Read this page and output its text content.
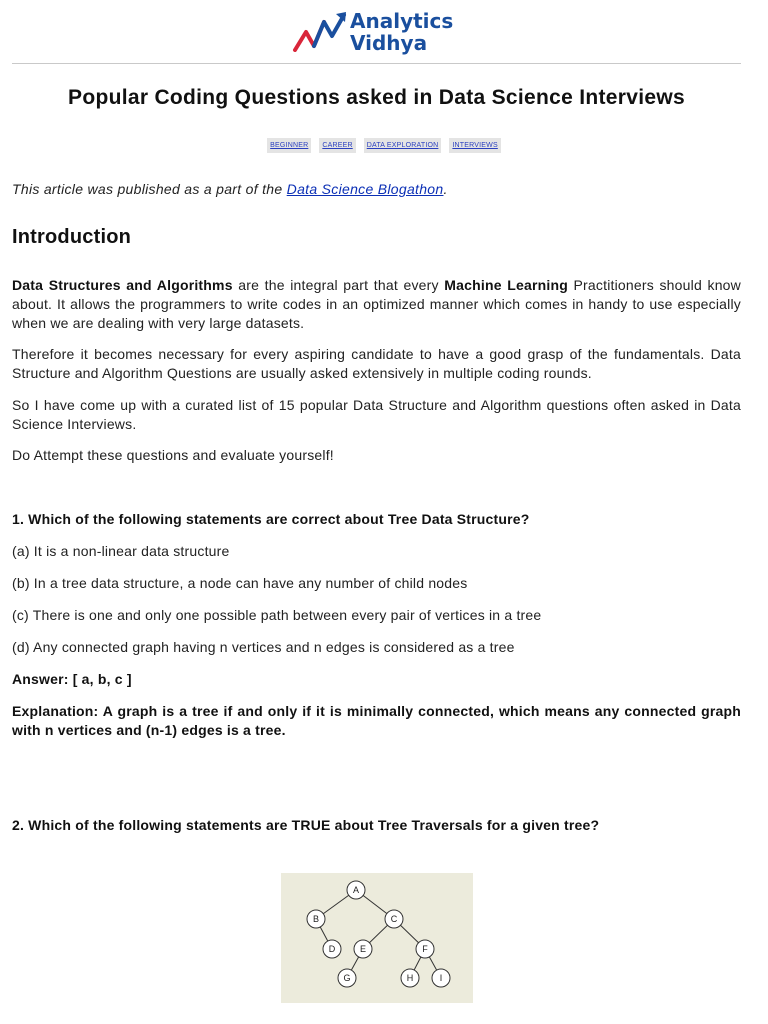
Analytics
Vidhya
Popular Coding Questions asked in Data Science Interviews
BEGINNER CAREER DATA EXPLORATION INTERVIEWS
This article was published as a part of the Data Science Blogathon.
Introduction

Data Structures and Algorithms are the integral part that every Machine Learning Practitioners should know about. It allows the programmers to write codes in an optimized manner which comes in handy to use especially when we are dealing with very large datasets.

Therefore it becomes necessary for every aspiring candidate to have a good grasp of the fundamentals. Data Structure and Algorithm Questions are usually asked extensively in multiple coding rounds.

So I have come up with a curated list of 15 popular Data Structure and Algorithm questions often asked in Data Science Interviews.

Do Attempt these questions and evaluate yourself!

1. Which of the following statements are correct about Tree Data Structure?

(a) It is a non-linear data structure

(b) In a tree data structure, a node can have any number of child nodes

(c) There is one and only one possible path between every pair of vertices in a tree

(d) Any connected graph having n vertices and n edges is considered as a tree

Answer: [ a, b, c ]

Explanation: A graph is a tree if and only if it is minimally connected, which means any connected graph with n vertices and (n-1) edges is a tree.

2. Which of the following statements are TRUE about Tree Traversals for a given tree?

A
B	C
D	E	F
G	H	I
